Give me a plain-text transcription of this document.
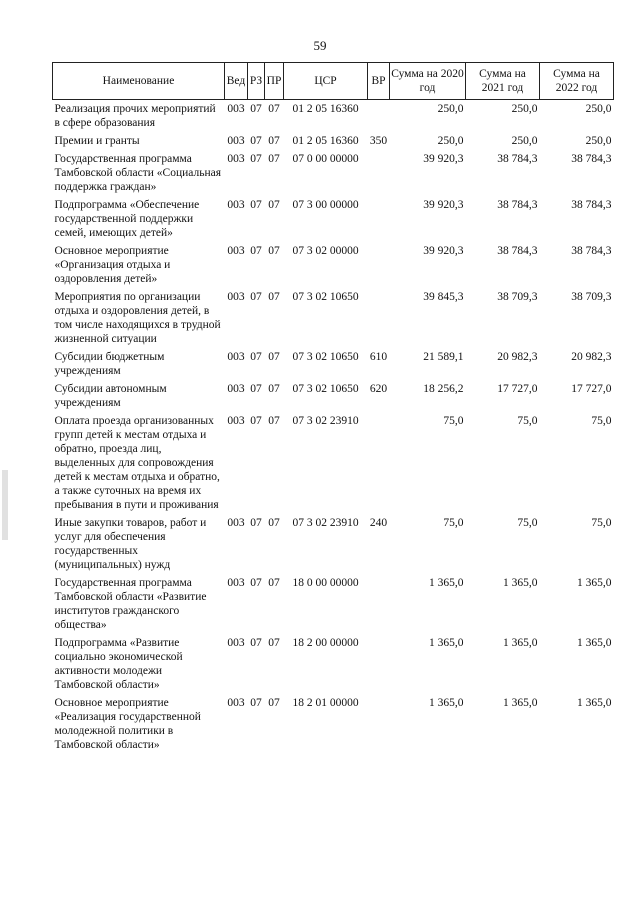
59
Наименование	Вед	РЗ	ПР	ЦСР	ВР	Сумма на 2020 год	Сумма на 2021 год	Сумма на 2022 год
Реализация прочих мероприятий в сфере образования	003	07	07	01 2 05 16360		250,0	250,0	250,0
Премии и гранты	003	07	07	01 2 05 16360	350	250,0	250,0	250,0
Государственная программа Тамбовской области «Социальная поддержка граждан»	003	07	07	07 0 00 00000		39 920,3	38 784,3	38 784,3
Подпрограмма «Обеспечение государственной поддержки семей, имеющих детей»	003	07	07	07 3 00 00000		39 920,3	38 784,3	38 784,3
Основное мероприятие «Организация отдыха и оздоровления детей»	003	07	07	07 3 02 00000		39 920,3	38 784,3	38 784,3
Мероприятия по организации отдыха и оздоровления детей, в том числе находящихся в трудной жизненной ситуации	003	07	07	07 3 02 10650		39 845,3	38 709,3	38 709,3
Субсидии бюджетным учреждениям	003	07	07	07 3 02 10650	610	21 589,1	20 982,3	20 982,3
Субсидии автономным учреждениям	003	07	07	07 3 02 10650	620	18 256,2	17 727,0	17 727,0
Оплата проезда организованных групп детей к местам отдыха и обратно, проезда лиц, выделенных для сопровождения детей к местам отдыха и обратно, а также суточных на время их пребывания в пути и проживания	003	07	07	07 3 02 23910		75,0	75,0	75,0
Иные закупки товаров, работ и услуг для обеспечения государственных (муниципальных) нужд	003	07	07	07 3 02 23910	240	75,0	75,0	75,0
Государственная программа Тамбовской области «Развитие институтов гражданского общества»	003	07	07	18 0 00 00000		1 365,0	1 365,0	1 365,0
Подпрограмма «Развитие социально экономической активности молодежи Тамбовской области»	003	07	07	18 2 00 00000		1 365,0	1 365,0	1 365,0
Основное мероприятие «Реализация государственной молодежной политики в Тамбовской области»	003	07	07	18 2 01 00000		1 365,0	1 365,0	1 365,0
